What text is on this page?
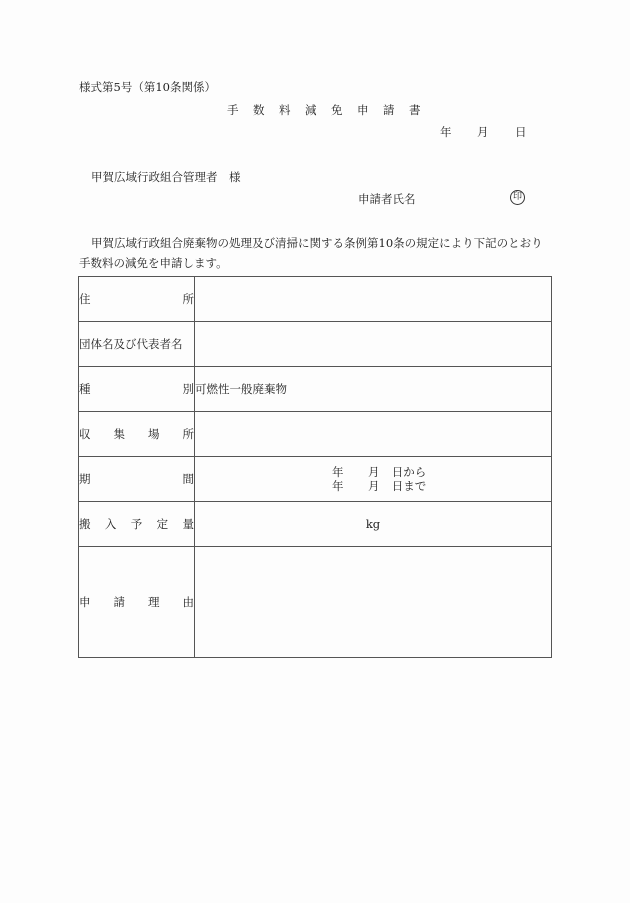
様式第5号（第10条関係）
手 数 料 減 免 申 請 書
年 月 日
甲賀広域行政組合管理者　様
申請者氏名	印
甲賀広域行政組合廃棄物の処理及び清掃に関する条例第10条の規定により下記のとおり
手数料の減免を申請します。
住 所	

団体名及び代表者名	

種 別	可燃性一般廃棄物

収 集 場 所	

期	間	年 月 日から
年 月 日まで

搬 入 予 定 量	kg

申 請 理 由	
